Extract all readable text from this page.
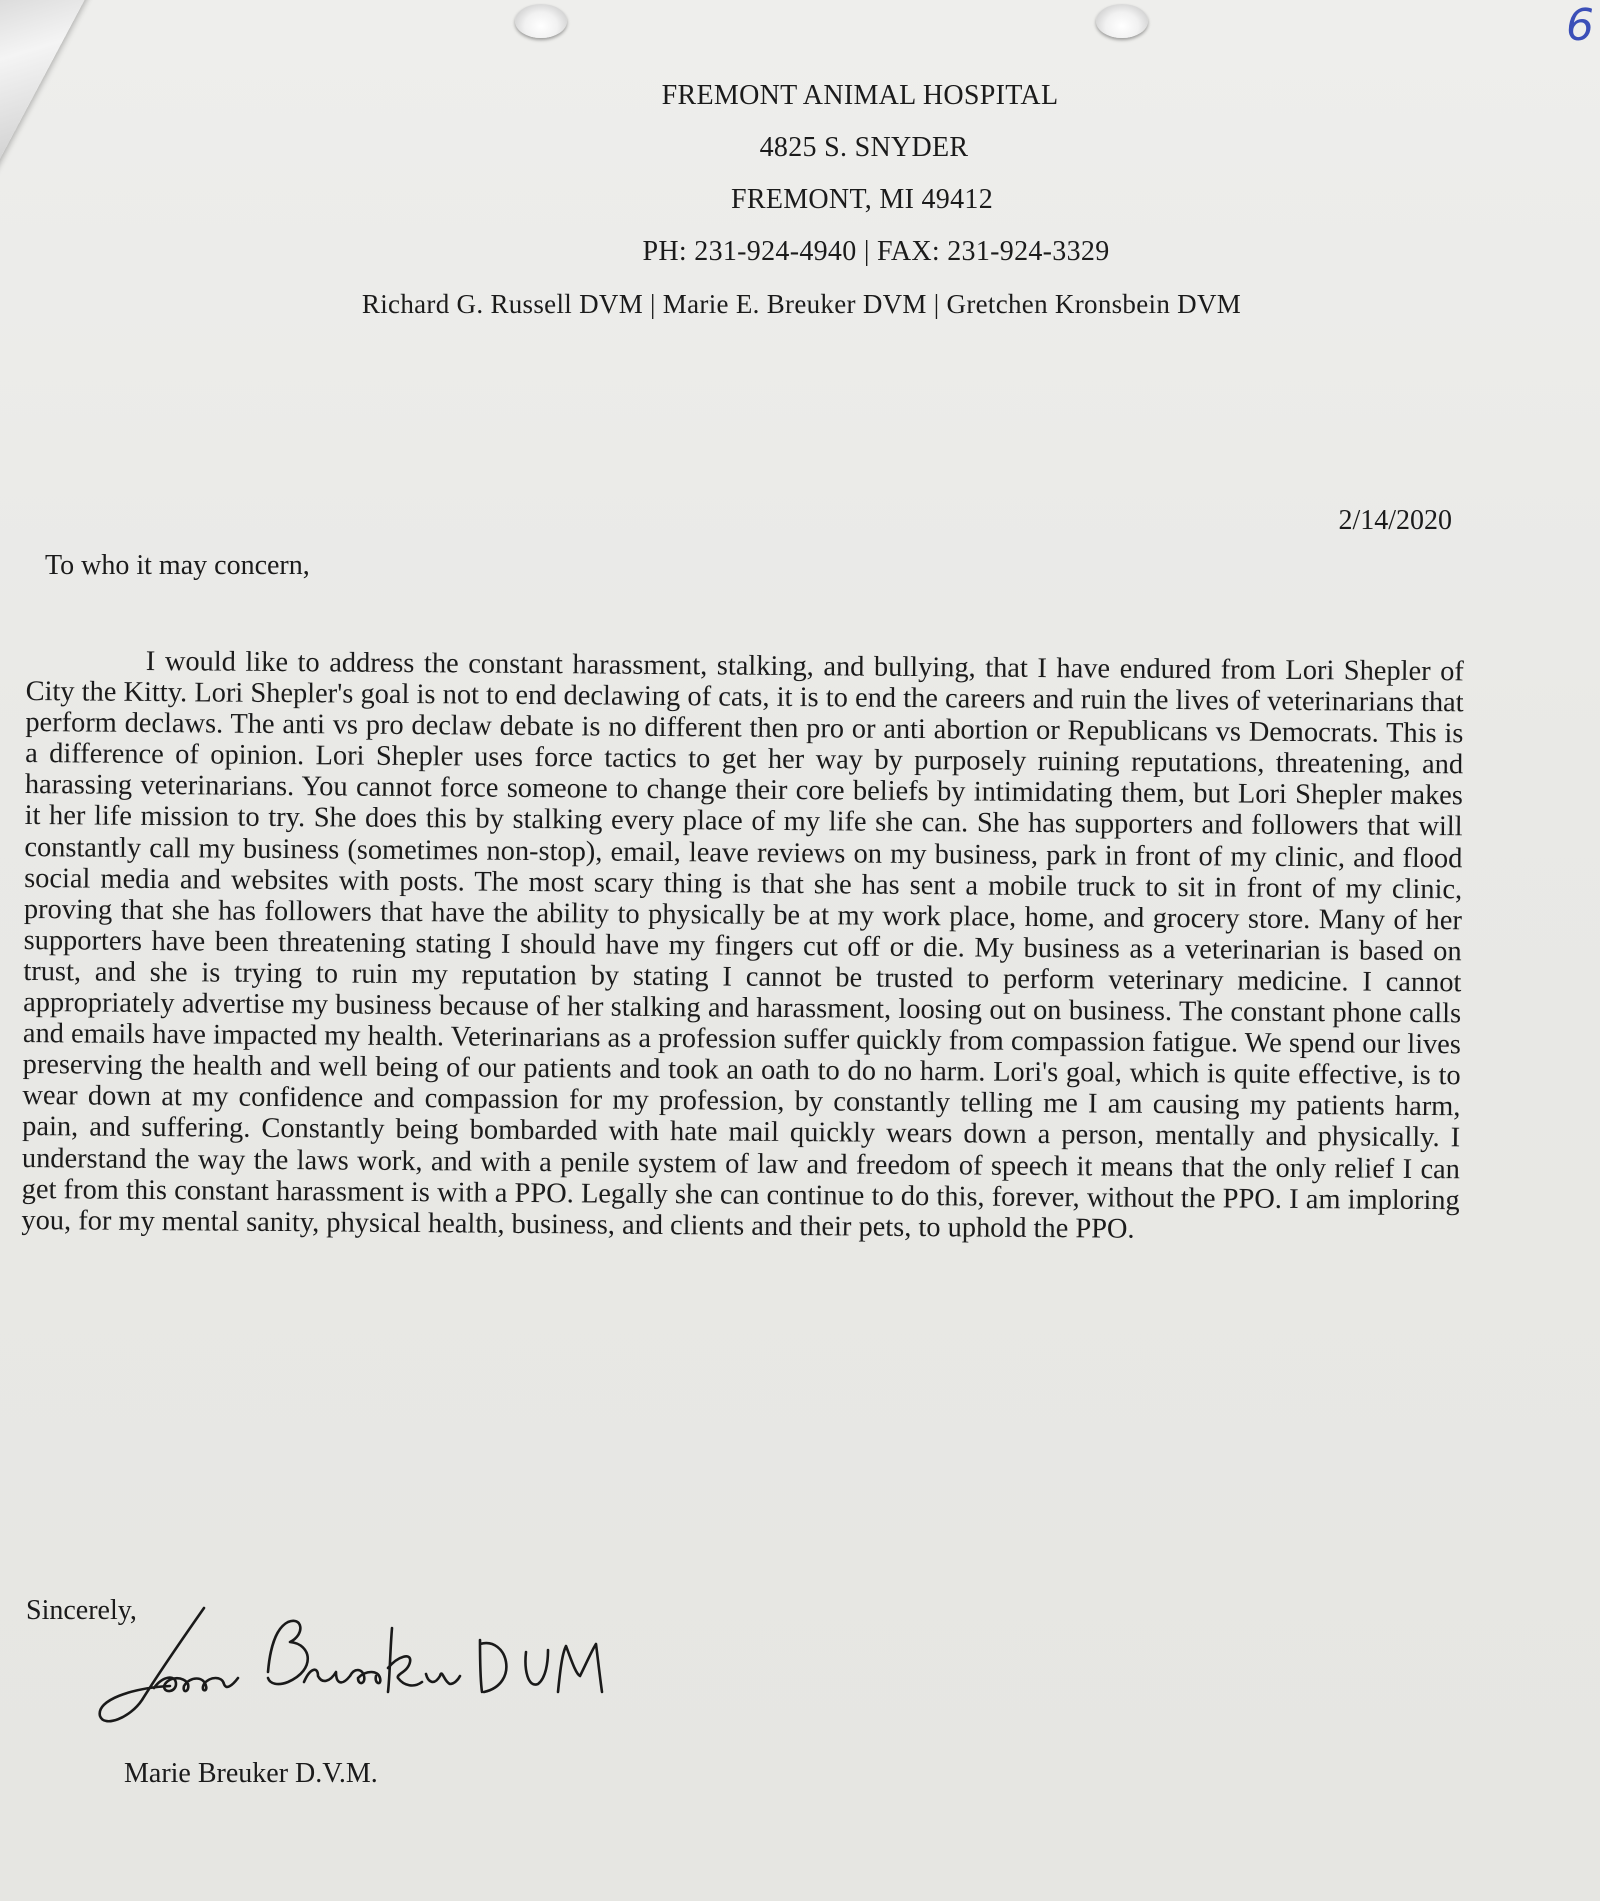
6
FREMONT ANIMAL HOSPITAL
4825 S. SNYDER
FREMONT, MI 49412
PH: 231-924-4940 | FAX: 231-924-3329
Richard G. Russell DVM | Marie E. Breuker DVM | Gretchen Kronsbein DVM
2/14/2020
To who it may concern,
I would like to address the constant harassment, stalking, and bullying, that I have endured from Lori Shepler of City the Kitty. Lori Shepler's goal is not to end declawing of cats, it is to end the careers and ruin the lives of veterinarians that perform declaws. The anti vs pro declaw debate is no different then pro or anti abortion or Republicans vs Democrats. This is a difference of opinion. Lori Shepler uses force tactics to get her way by purposely ruining reputations, threatening, and harassing veterinarians. You cannot force someone to change their core beliefs by intimidating them, but Lori Shepler makes it her life mission to try. She does this by stalking every place of my life she can. She has supporters and followers that will constantly call my business (sometimes non-stop), email, leave reviews on my business, park in front of my clinic, and flood social media and websites with posts. The most scary thing is that she has sent a mobile truck to sit in front of my clinic, proving that she has followers that have the ability to physically be at my work place, home, and grocery store. Many of her supporters have been threatening stating I should have my fingers cut off or die. My business as a veterinarian is based on trust, and she is trying to ruin my reputation by stating I cannot be trusted to perform veterinary medicine. I cannot appropriately advertise my business because of her stalking and harassment, loosing out on business. The constant phone calls and emails have impacted my health. Veterinarians as a profession suffer quickly from compassion fatigue. We spend our lives preserving the health and well being of our patients and took an oath to do no harm. Lori's goal, which is quite effective, is to wear down at my confidence and compassion for my profession, by constantly telling me I am causing my patients harm, pain, and suffering. Constantly being bombarded with hate mail quickly wears down a person, mentally and physically. I understand the way the laws work, and with a penile system of law and freedom of speech it means that the only relief I can get from this constant harassment is with a PPO. Legally she can continue to do this, forever, without the PPO. I am imploring you, for my mental sanity, physical health, business, and clients and their pets, to uphold the PPO.
Sincerely,
Marie Breuker D.V.M.
